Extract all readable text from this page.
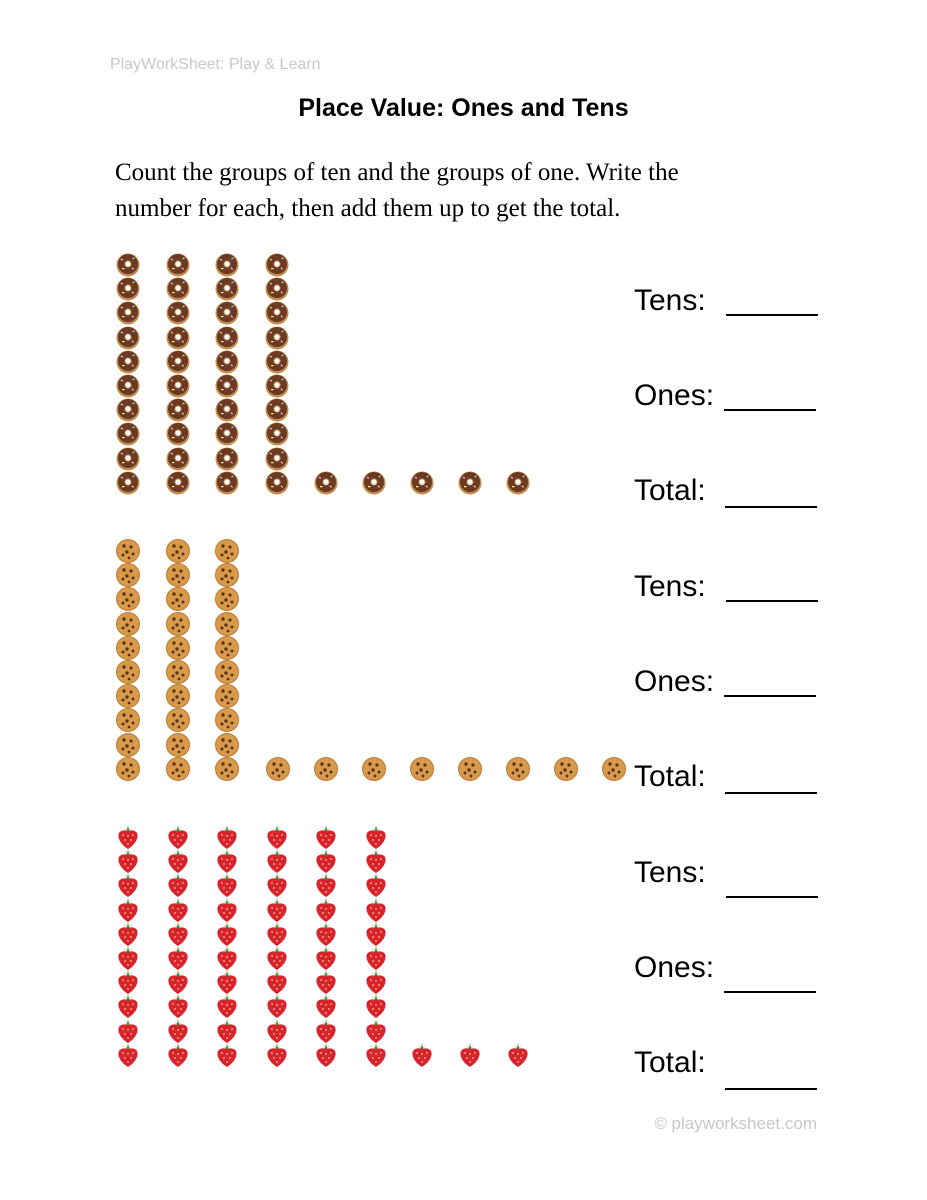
PlayWorkSheet: Play & Learn
Place Value: Ones and Tens
Count the groups of ten and the groups of one. Write the number for each, then add them up to get the total.
Tens:
Ones:
Total:
Tens:
Ones:
Total:
Tens:
Ones:
Total:
© playworksheet.com
